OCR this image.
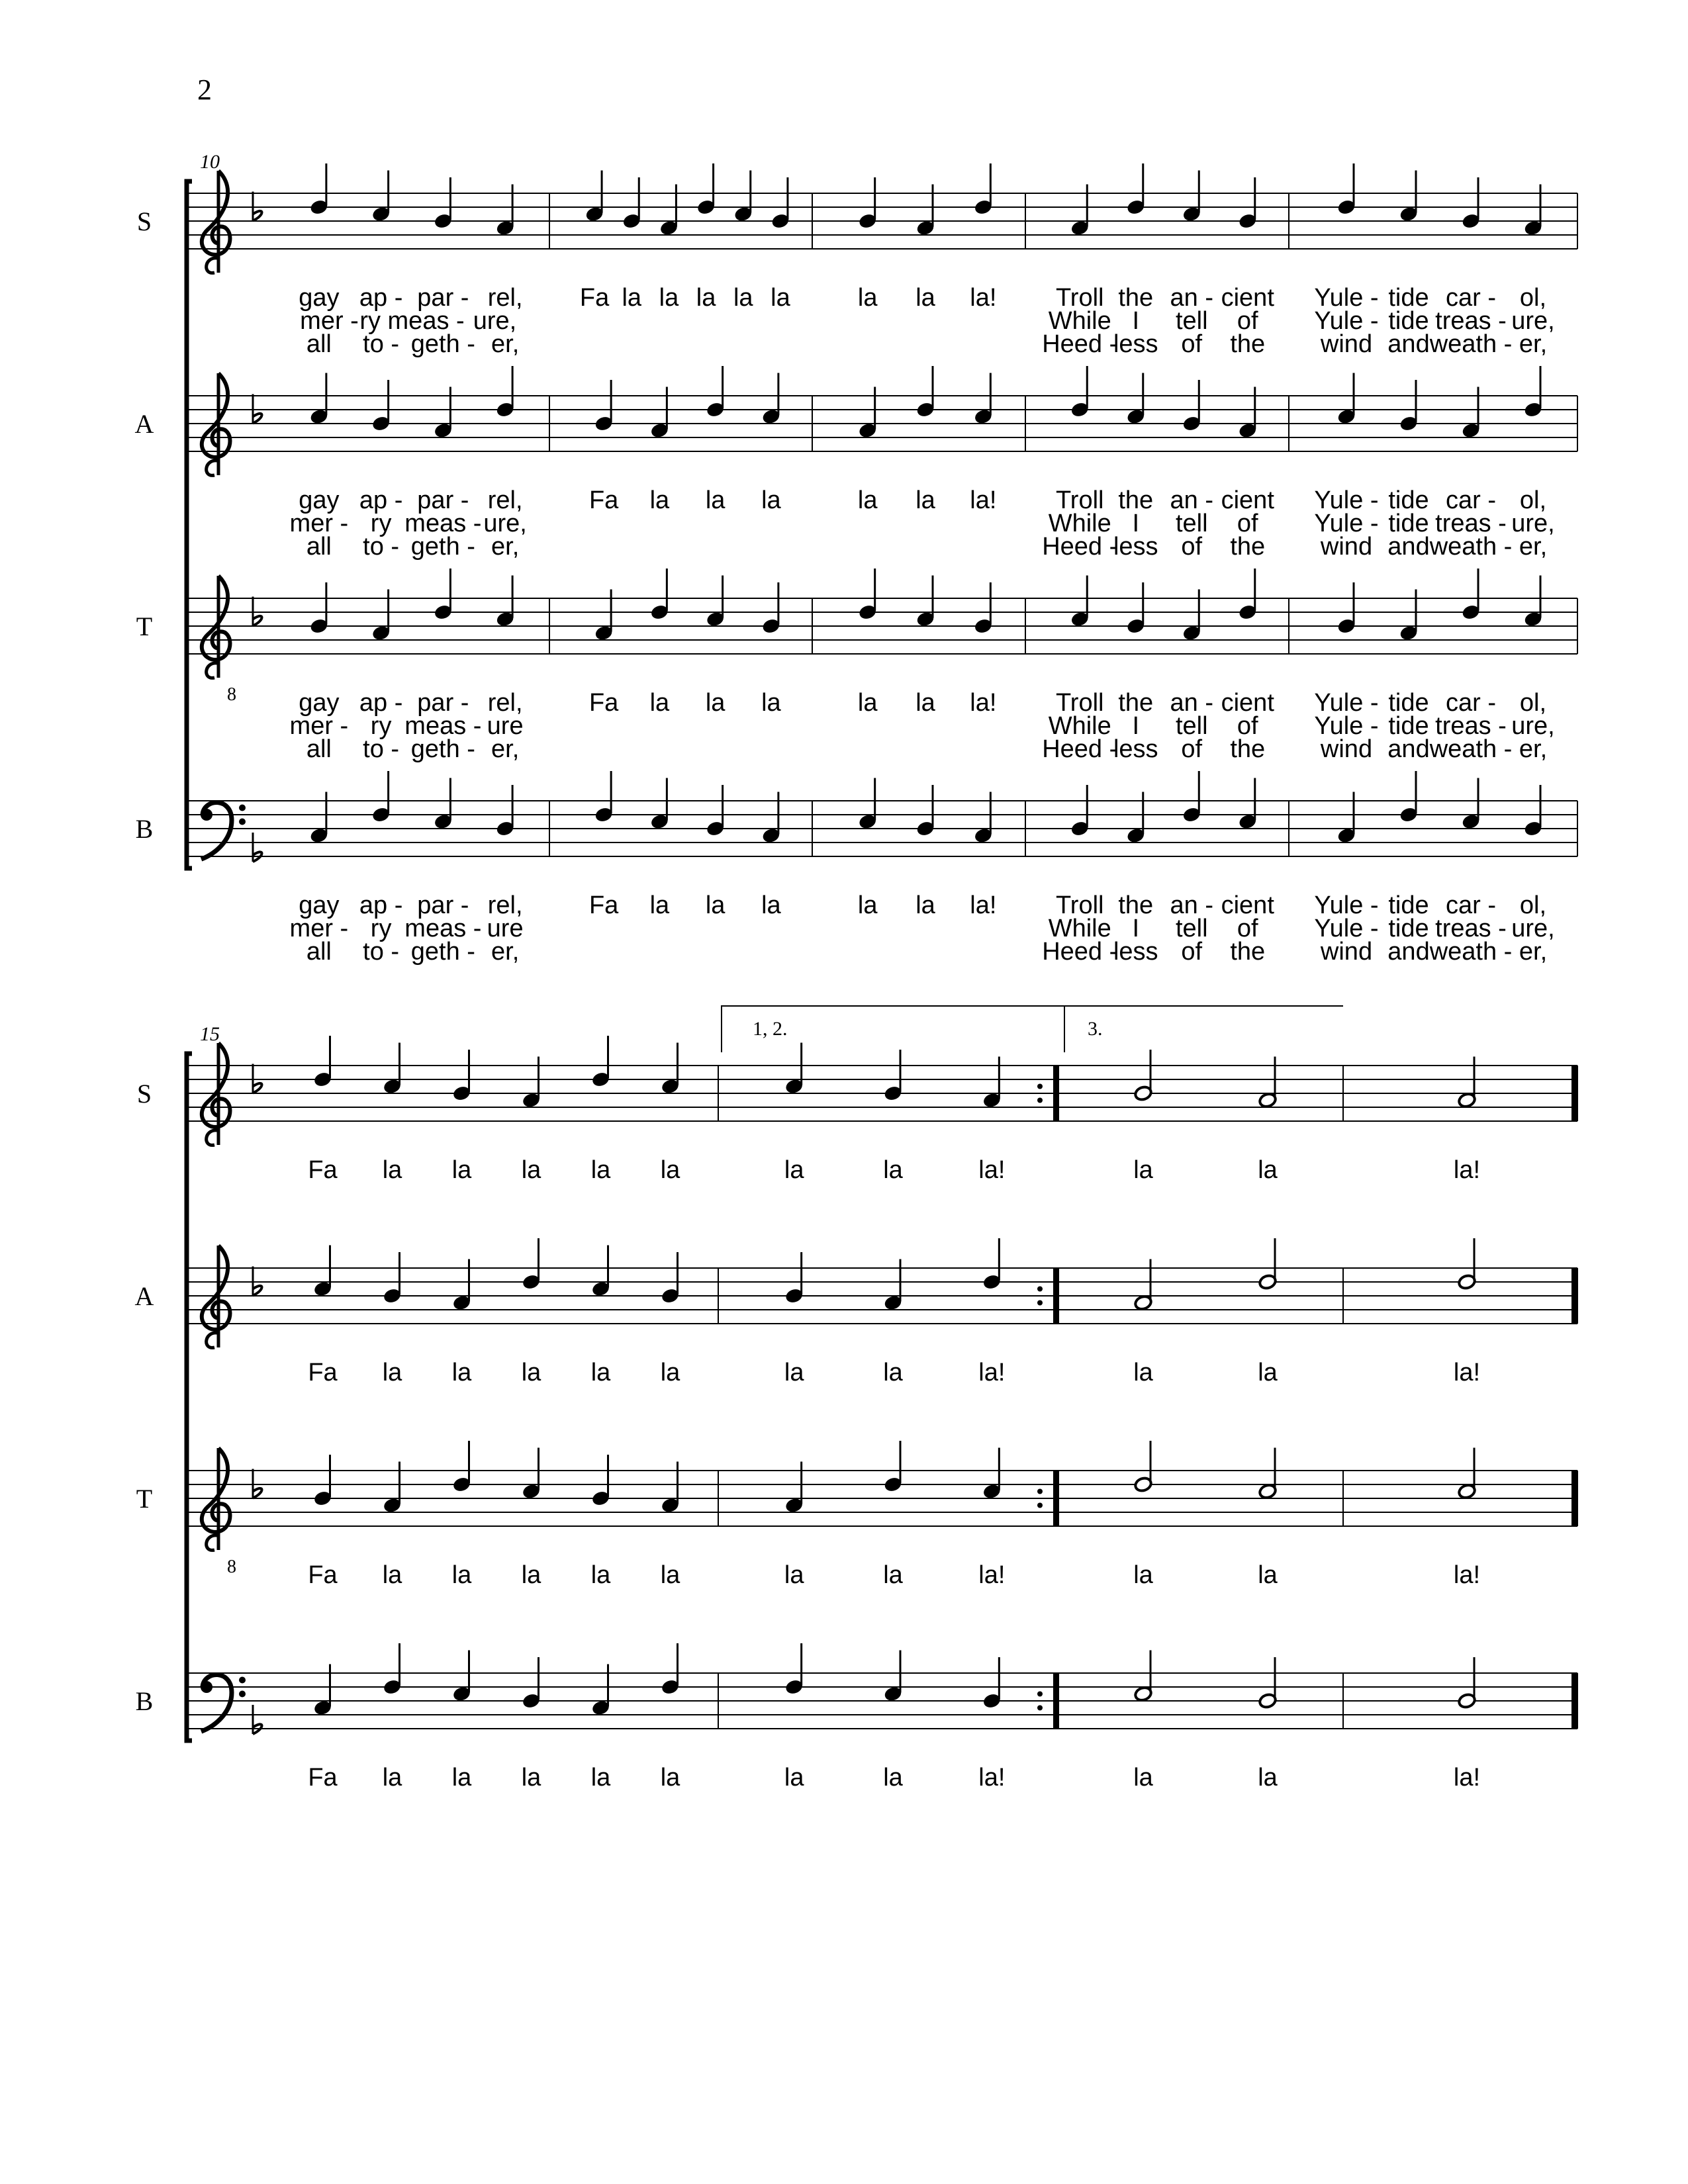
2
10
S
gay ap - par - rel, Fa la la la la la	la la la! Troll the an - cient Yule - tide car - ol,
mer - ry meas - ure,	While I tell of Yule - tide treas - ure,
all to - geth - er,	Heed -
less of the wind and weath - er,
A
gay ap - par - rel,	Fa la la la	la la la! Troll the an - cient Yule - tide car - ol,
mer - ry meas - ure,	While I tell of Yule - tide treas - ure,
all to - geth - er,	Heed -
less of the wind and weath - er,
T
8 gay ap - par - rel,	Fa la la la	la la la! Troll the an - cient Yule - tide car - ol,
mer - ry meas - ure	While I tell of Yule - tide treas - ure,
all to - geth - er,	Heed -
less of the wind and weath - er,
B
gay ap - par - rel,	Fa la la la	la la la! Troll the an - cient Yule - tide car - ol,
mer - ry meas - ure	While I tell of Yule - tide treas - ure,
all to - geth - er,	Heed -
less of the wind and weath - er,
15
S
Fa la la la la la	la	la	la!	la	la	la!
A
Fa la la la la la	la	la	la!	la	la	la!
T
8	Fa la la la la la	la	la	la!	la	la	la!
B
Fa la la la la la	la	la	la!	la	la	la!
1, 2.	3.
